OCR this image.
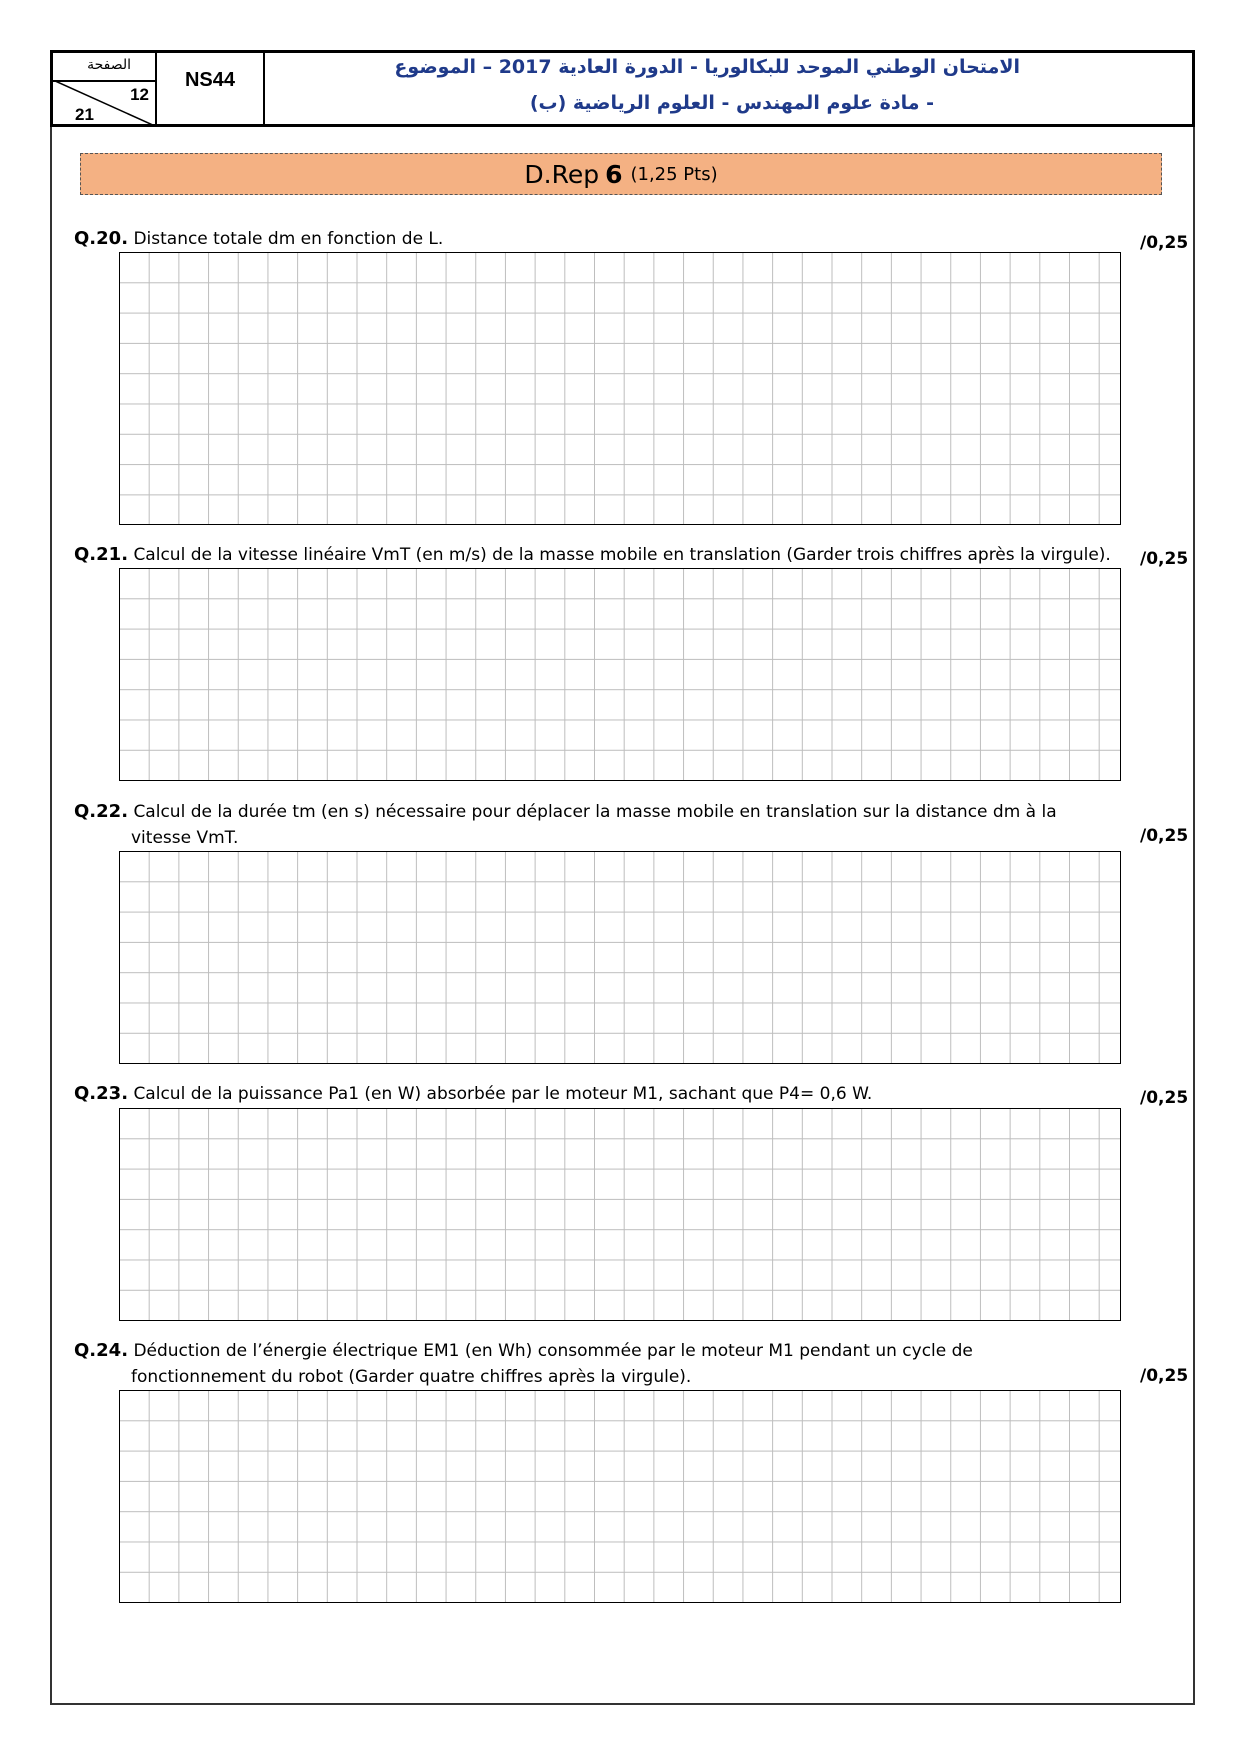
الصفحة
12
21
NS44
الامتحان الوطني الموحد للبكالوريا - الدورة العادية 2017 – الموضوع
- مادة علوم المهندس - العلوم الرياضية (ب)
D.Rep 6 (1,25 Pts)
Q.20. Distance totale dm en fonction de L.	/0,25
Q.21. Calcul de la vitesse linéaire VmT (en m/s) de la masse mobile en translation (Garder trois chiffres après la virgule). /0,25
Q.22. Calcul de la durée tm (en s) nécessaire pour déplacer la masse mobile en translation sur la distance dm à la
vitesse VmT.	/0,25
Q.23. Calcul de la puissance Pa1 (en W) absorbée par le moteur M1, sachant que P4= 0,6 W.	/0,25
Q.24. Déduction de l’énergie électrique EM1 (en Wh) consommée par le moteur M1 pendant un cycle de
fonctionnement du robot (Garder quatre chiffres après la virgule).	/0,25
